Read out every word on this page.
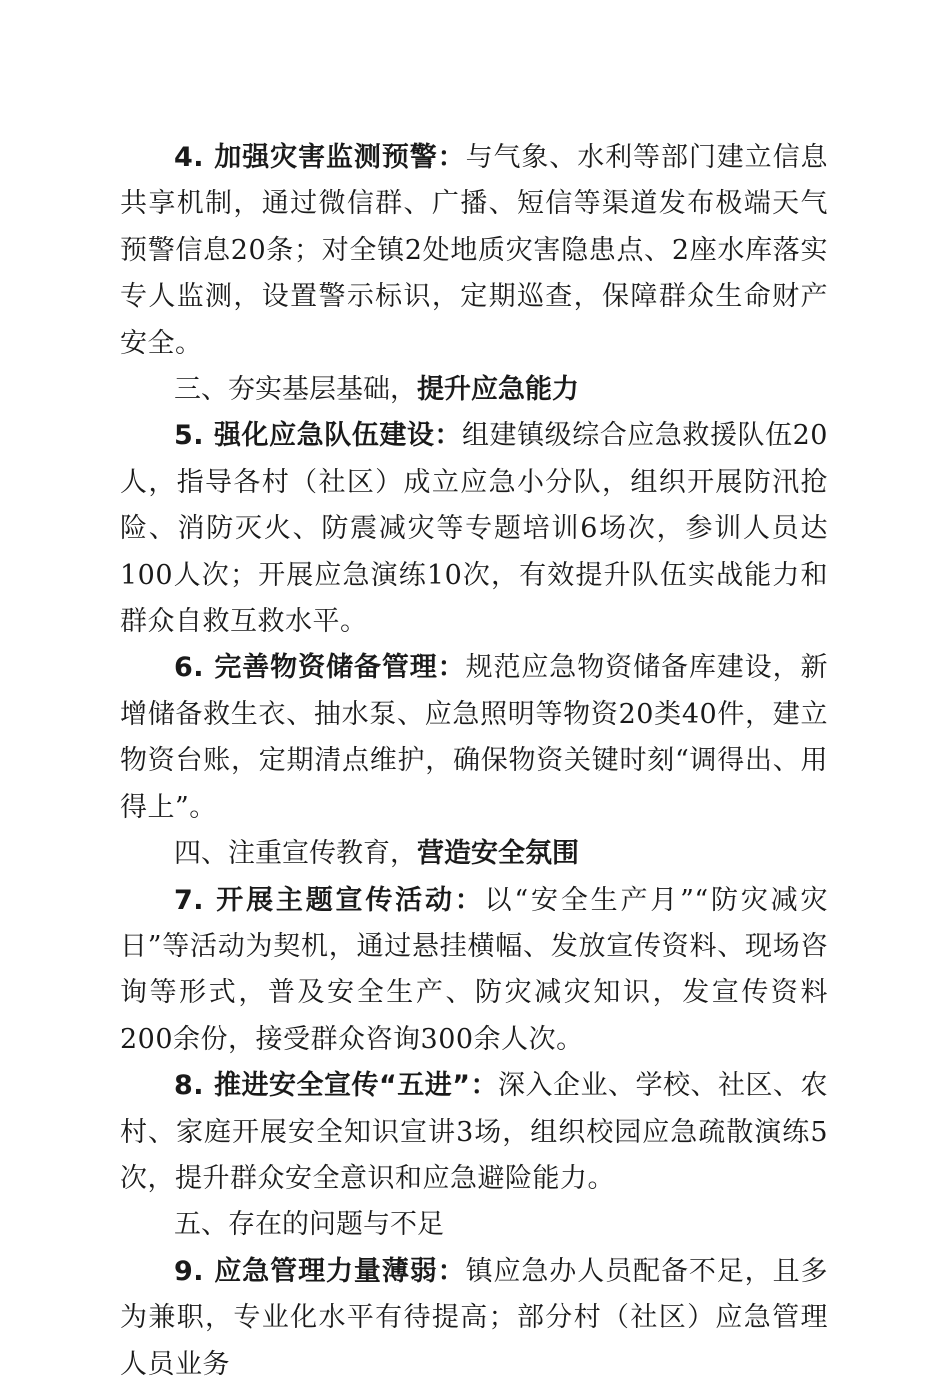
4. 加强灾害监测预警：与气象、水利等部门建立信息共享机制，通过微信群、广播、短信等渠道发布极端天气预警信息20条；对全镇2处地质灾害隐患点、2座水库落实专人监测，设置警示标识，定期巡查，保障群众生命财产安全。

三、夯实基层基础，提升应急能力

5. 强化应急队伍建设：组建镇级综合应急救援队伍20人，指导各村（社区）成立应急小分队，组织开展防汛抢险、消防灭火、防震减灾等专题培训6场次，参训人员达100人次；开展应急演练10次，有效提升队伍实战能力和群众自救互救水平。

6. 完善物资储备管理：规范应急物资储备库建设，新增储备救生衣、抽水泵、应急照明等物资20类40件，建立物资台账，定期清点维护，确保物资关键时刻“调得出、用得上”。

四、注重宣传教育，营造安全氛围

7. 开展主题宣传活动：以“安全生产月”“防灾减灾日”等活动为契机，通过悬挂横幅、发放宣传资料、现场咨询等形式，普及安全生产、防灾减灾知识，发宣传资料200余份，接受群众咨询300余人次。

8. 推进安全宣传“五进”：深入企业、学校、社区、农村、家庭开展安全知识宣讲3场，组织校园应急疏散演练5次，提升群众安全意识和应急避险能力。

五、存在的问题与不足

9. 应急管理力量薄弱：镇应急办人员配备不足，且多为兼职，专业化水平有待提高；部分村（社区）应急管理人员业务
